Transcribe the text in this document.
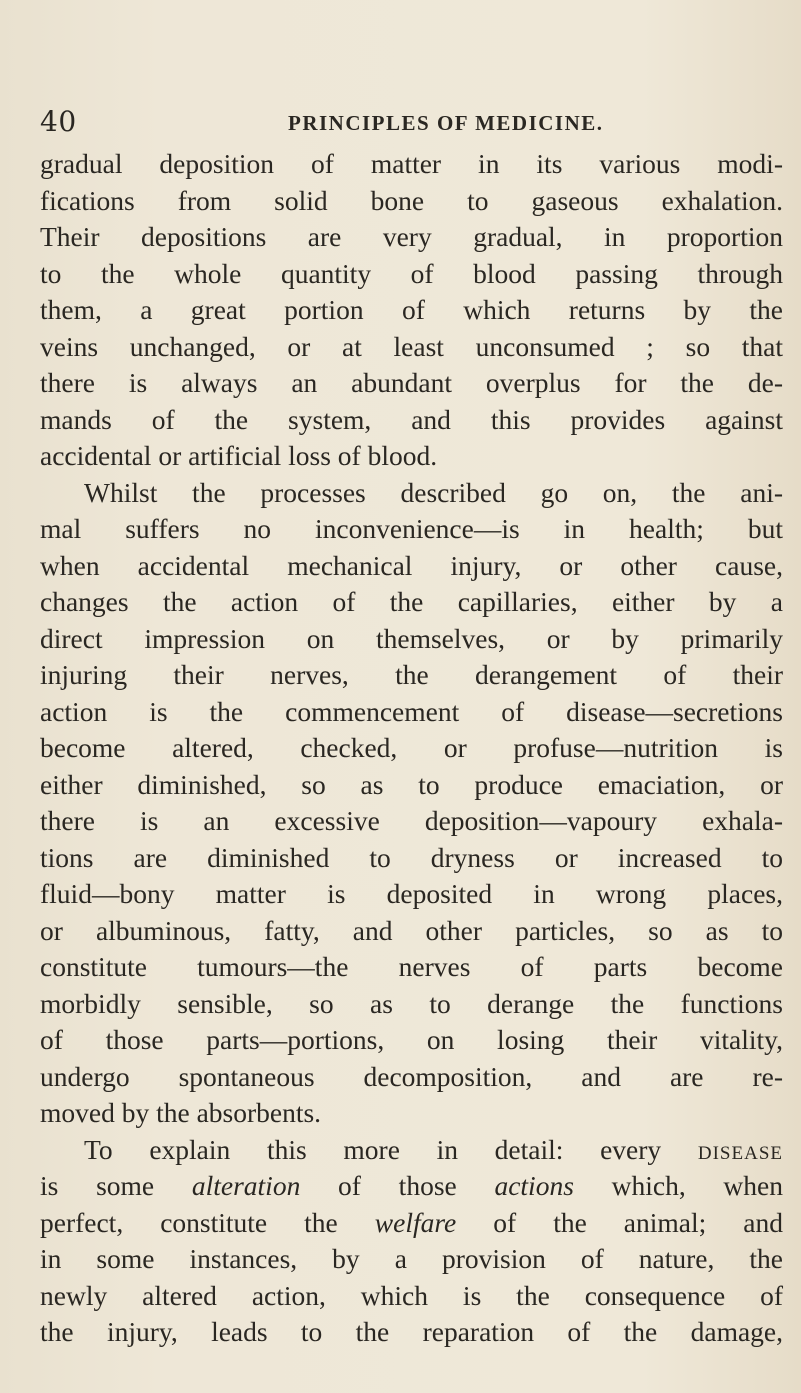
40	PRINCIPLES OF MEDICINE.
gradual deposition of matter in its various modi-
fications from solid bone to gaseous exhalation.
Their depositions are very gradual, in proportion
to the whole quantity of blood passing through
them, a great portion of which returns by the
veins unchanged, or at least unconsumed ; so that
there is always an abundant overplus for the de-
mands of the system, and this provides against
accidental or artificial loss of blood.
Whilst the processes described go on, the ani-
mal suffers no inconvenience—is in health; but
when accidental mechanical injury, or other cause,
changes the action of the capillaries, either by a
direct impression on themselves, or by primarily
injuring their nerves, the derangement of their
action is the commencement of disease—secretions
become altered, checked, or profuse—nutrition is
either diminished, so as to produce emaciation, or
there is an excessive deposition—vapoury exhala-
tions are diminished to dryness or increased to
fluid—bony matter is deposited in wrong places,
or albuminous, fatty, and other particles, so as to
constitute tumours—the nerves of parts become
morbidly sensible, so as to derange the functions
of those parts—portions, on losing their vitality,
undergo spontaneous decomposition, and are re-
moved by the absorbents.
To explain this more in detail: every disease
is some alteration of those actions which, when
perfect, constitute the welfare of the animal; and
in some instances, by a provision of nature, the
newly altered action, which is the consequence of
the injury, leads to the reparation of the damage,
